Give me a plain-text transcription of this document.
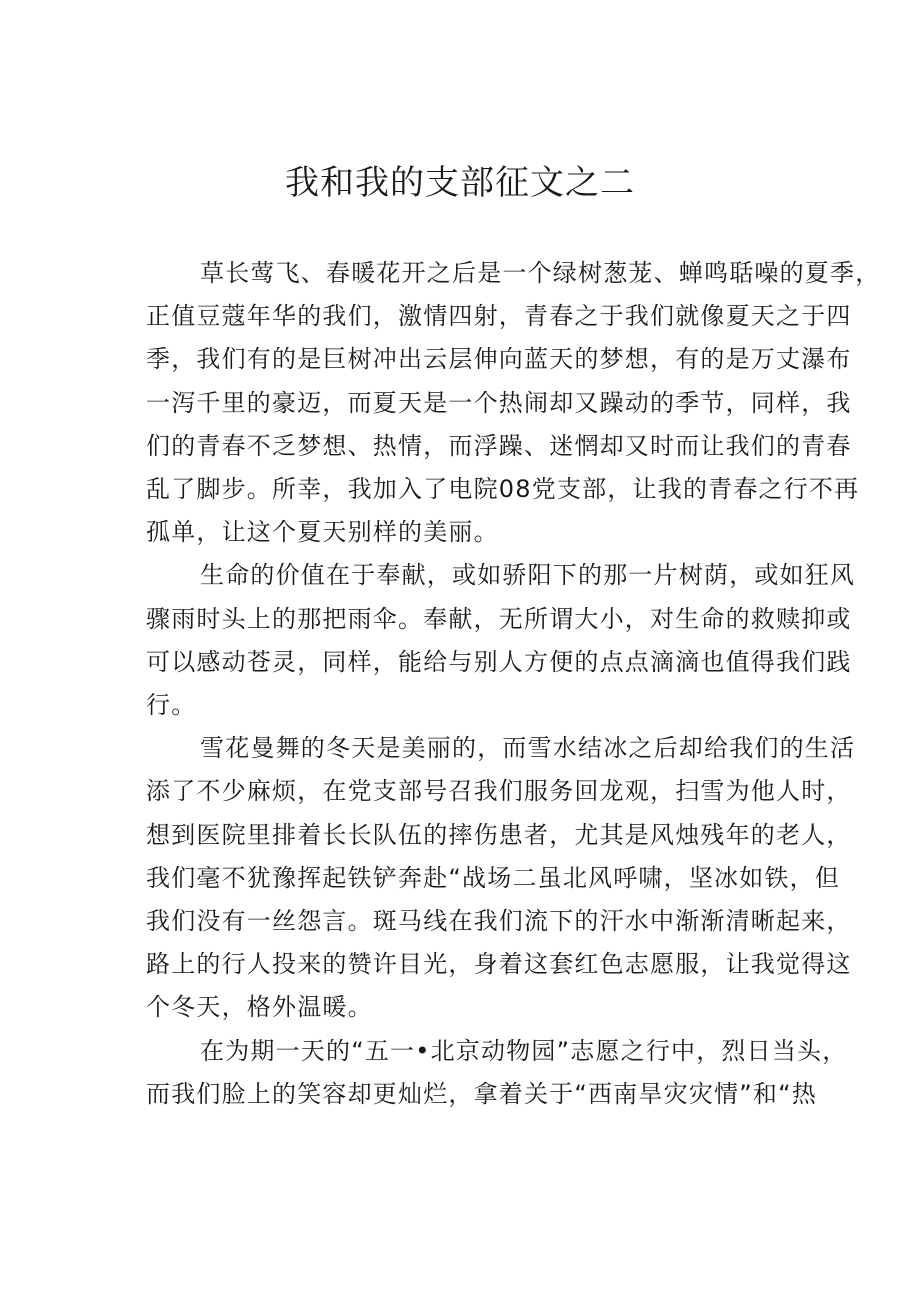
我和我的支部征文之二

草长莺飞、春暖花开之后是一个绿树葱茏、蝉鸣聒噪的夏季，
正值豆蔻年华的我们，激情四射，青春之于我们就像夏天之于四
季，我们有的是巨树冲出云层伸向蓝天的梦想，有的是万丈瀑布
一泻千里的豪迈，而夏天是一个热闹却又躁动的季节，同样，我
们的青春不乏梦想、热情，而浮躁、迷惘却又时而让我们的青春
乱了脚步。所幸，我加入了电院08党支部，让我的青春之行不再
孤单，让这个夏天别样的美丽。

生命的价值在于奉献，或如骄阳下的那一片树荫，或如狂风
骤雨时头上的那把雨伞。奉献，无所谓大小，对生命的救赎抑或
可以感动苍灵，同样，能给与别人方便的点点滴滴也值得我们践
行。

雪花曼舞的冬天是美丽的，而雪水结冰之后却给我们的生活
添了不少麻烦，在党支部号召我们服务回龙观，扫雪为他人时，
想到医院里排着长长队伍的摔伤患者，尤其是风烛残年的老人，
我们毫不犹豫挥起铁铲奔赴“战场二虽北风呼啸，坚冰如铁，但
我们没有一丝怨言。斑马线在我们流下的汗水中渐渐清晰起来，
路上的行人投来的赞许目光，身着这套红色志愿服，让我觉得这
个冬天，格外温暖。

在为期一天的“五一•北京动物园”志愿之行中，烈日当头，
而我们脸上的笑容却更灿烂，拿着关于“西南旱灾灾情”和“热
